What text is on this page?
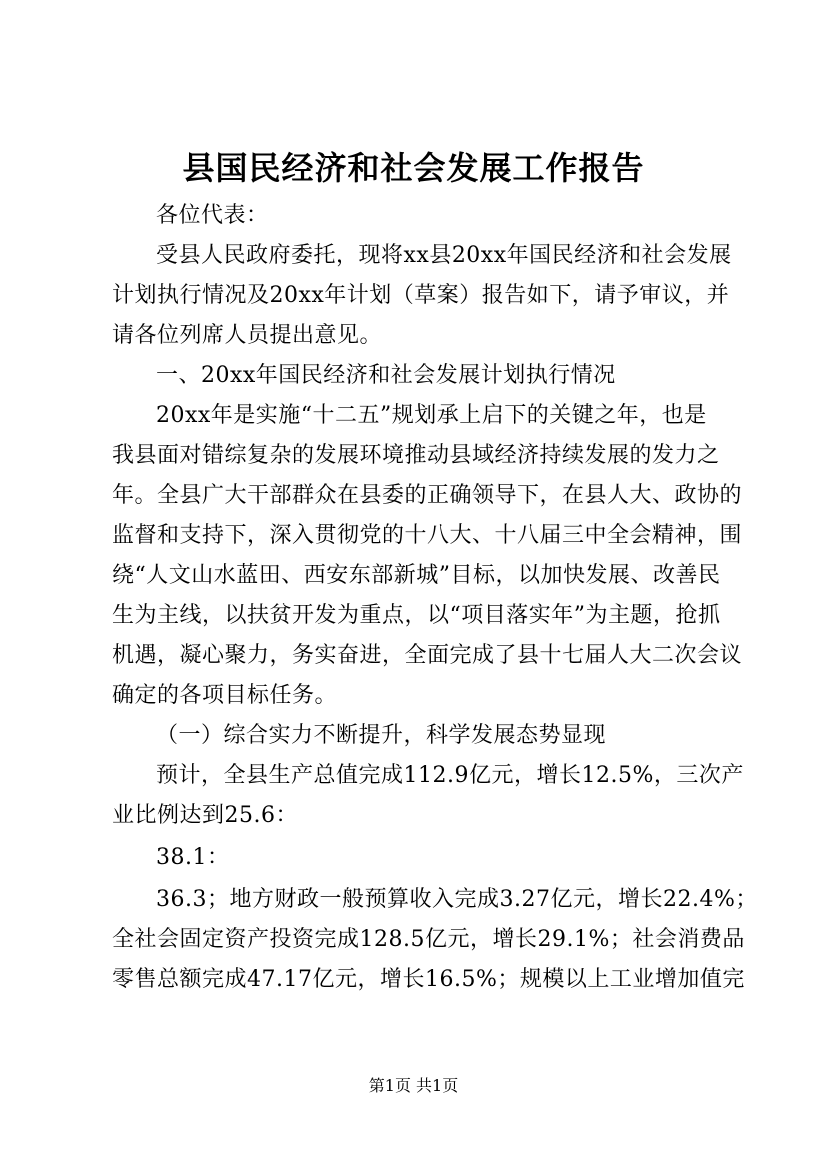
县国民经济和社会发展工作报告
各位代表：
受县人民政府委托，现将xx县20xx年国民经济和社会发展
计划执行情况及20xx年计划（草案）报告如下，请予审议，并
请各位列席人员提出意见。
一、20xx年国民经济和社会发展计划执行情况
20xx年是实施“十二五”规划承上启下的关键之年，也是
我县面对错综复杂的发展环境推动县域经济持续发展的发力之
年。全县广大干部群众在县委的正确领导下，在县人大、政协的
监督和支持下，深入贯彻党的十八大、十八届三中全会精神，围
绕“人文山水蓝田、西安东部新城”目标，以加快发展、改善民
生为主线，以扶贫开发为重点，以“项目落实年”为主题，抢抓
机遇，凝心聚力，务实奋进，全面完成了县十七届人大二次会议
确定的各项目标任务。
（一）综合实力不断提升，科学发展态势显现
预计，全县生产总值完成112.9亿元，增长12.5%，三次产
业比例达到25.6：
38.1：
36.3；地方财政一般预算收入完成3.27亿元，增长22.4%；
全社会固定资产投资完成128.5亿元，增长29.1%；社会消费品
零售总额完成47.17亿元，增长16.5%；规模以上工业增加值完
第1页 共1页
